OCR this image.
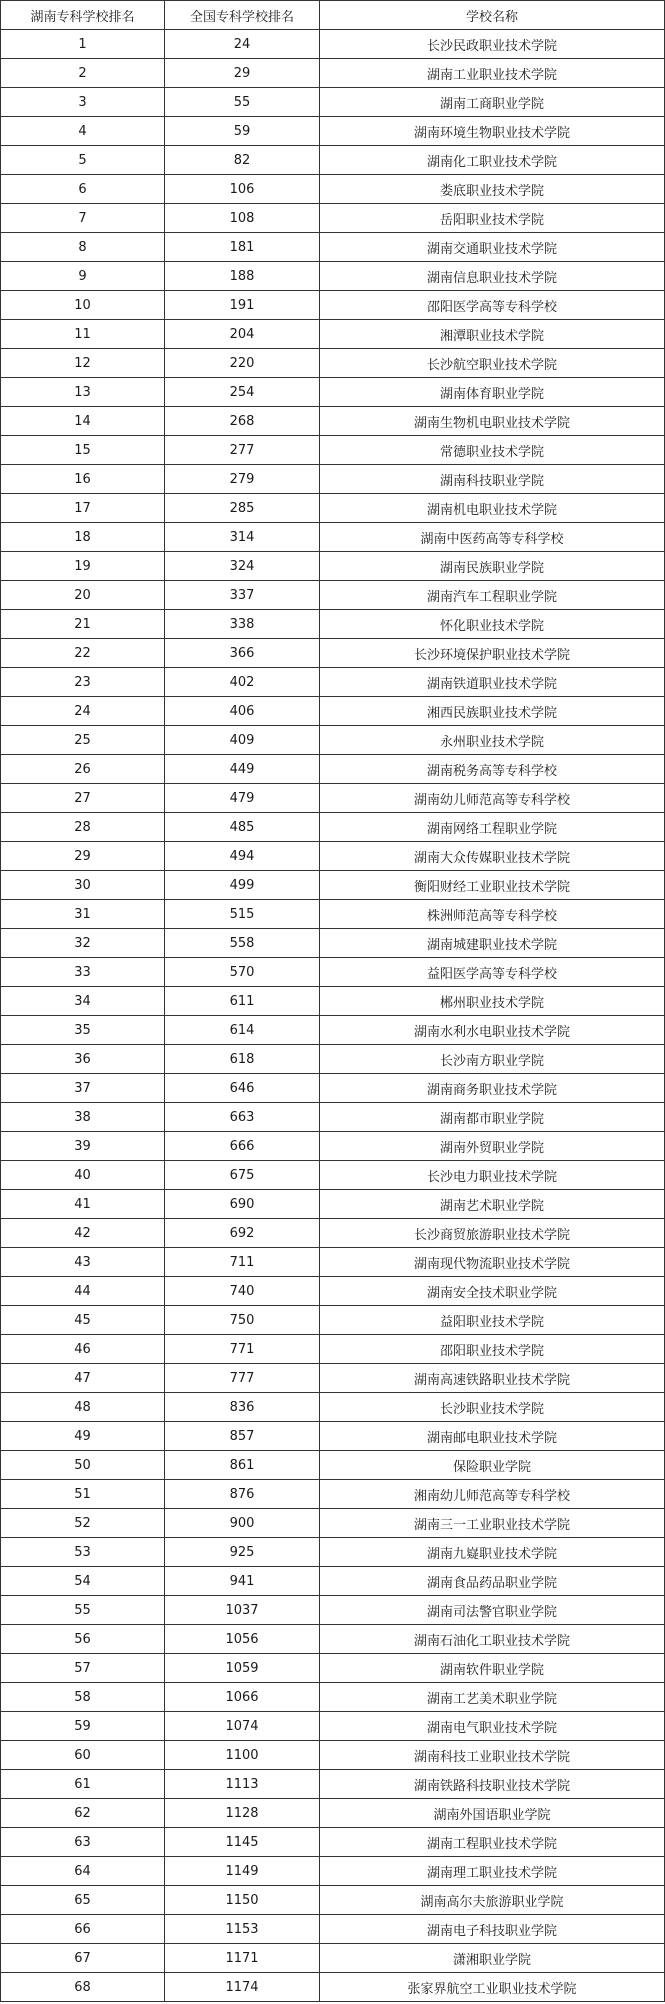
湖南专科学校排名	全国专科学校排名	学校名称
1	24	长沙民政职业技术学院
2	29	湖南工业职业技术学院
3	55	湖南工商职业学院
4	59	湖南环境生物职业技术学院
5	82	湖南化工职业技术学院
6	106	娄底职业技术学院
7	108	岳阳职业技术学院
8	181	湖南交通职业技术学院
9	188	湖南信息职业技术学院
10	191	邵阳医学高等专科学校
11	204	湘潭职业技术学院
12	220	长沙航空职业技术学院
13	254	湖南体育职业学院
14	268	湖南生物机电职业技术学院
15	277	常德职业技术学院
16	279	湖南科技职业学院
17	285	湖南机电职业技术学院
18	314	湖南中医药高等专科学校
19	324	湖南民族职业学院
20	337	湖南汽车工程职业学院
21	338	怀化职业技术学院
22	366	长沙环境保护职业技术学院
23	402	湖南铁道职业技术学院
24	406	湘西民族职业技术学院
25	409	永州职业技术学院
26	449	湖南税务高等专科学校
27	479	湖南幼儿师范高等专科学校
28	485	湖南网络工程职业学院
29	494	湖南大众传媒职业技术学院
30	499	衡阳财经工业职业技术学院
31	515	株洲师范高等专科学校
32	558	湖南城建职业技术学院
33	570	益阳医学高等专科学校
34	611	郴州职业技术学院
35	614	湖南水利水电职业技术学院
36	618	长沙南方职业学院
37	646	湖南商务职业技术学院
38	663	湖南都市职业学院
39	666	湖南外贸职业学院
40	675	长沙电力职业技术学院
41	690	湖南艺术职业学院
42	692	长沙商贸旅游职业技术学院
43	711	湖南现代物流职业技术学院
44	740	湖南安全技术职业学院
45	750	益阳职业技术学院
46	771	邵阳职业技术学院
47	777	湖南高速铁路职业技术学院
48	836	长沙职业技术学院
49	857	湖南邮电职业技术学院
50	861	保险职业学院
51	876	湘南幼儿师范高等专科学校
52	900	湖南三一工业职业技术学院
53	925	湖南九嶷职业技术学院
54	941	湖南食品药品职业学院
55	1037	湖南司法警官职业学院
56	1056	湖南石油化工职业技术学院
57	1059	湖南软件职业学院
58	1066	湖南工艺美术职业学院
59	1074	湖南电气职业技术学院
60	1100	湖南科技工业职业技术学院
61	1113	湖南铁路科技职业技术学院
62	1128	湖南外国语职业学院
63	1145	湖南工程职业技术学院
64	1149	湖南理工职业技术学院
65	1150	湖南高尔夫旅游职业学院
66	1153	湖南电子科技职业学院
67	1171	潇湘职业学院
68	1174	张家界航空工业职业技术学院
